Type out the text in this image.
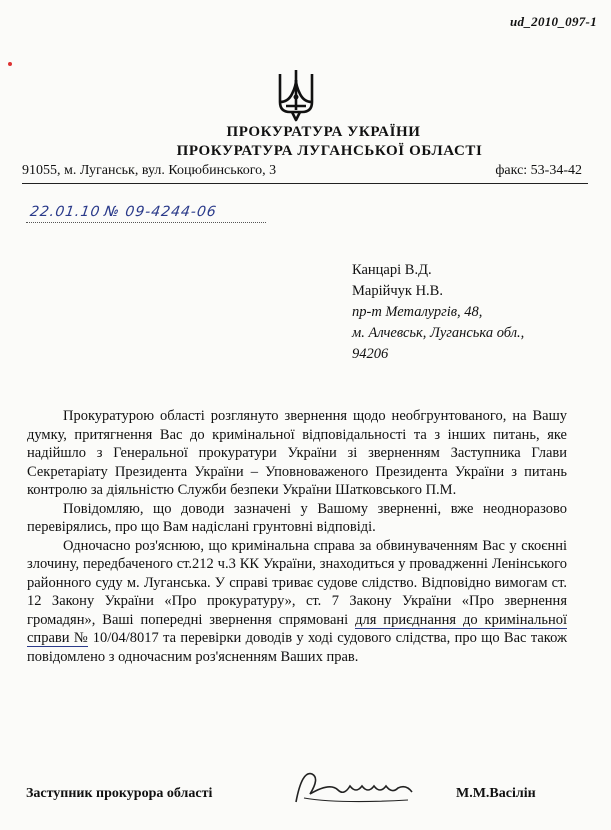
ud_2010_097-1
ПРОКУРАТУРА УКРАЇНИ
ПРОКУРАТУРА ЛУГАНСЬКОЇ ОБЛАСТІ
91055, м. Луганськ, вул. Коцюбинського, 3	факс: 53-34-42
22.01.10 № 09-4244-06
Канцарі В.Д.
Марійчук Н.В.
пр-т Металургів, 48,
м. Алчевськ, Луганська обл.,
94206

Прокуратурою області розглянуто звернення щодо необгрунтованого, на Вашу думку, притягнення Вас до кримінальної відповідальності та з інших питань, яке надійшло з Генеральної прокуратури України зі зверненням Заступника Глави Секретаріату Президента України – Уповноваженого Президента України з питань контролю за діяльністю Служби безпеки України Шатковського П.М.

Повідомляю, що доводи зазначені у Вашому зверненні, вже неодноразово перевірялись, про що Вам надіслані грунтовні відповіді.

Одночасно роз'яснюю, що кримінальна справа за обвинуваченням Вас у скоєнні злочину, передбаченого ст.212 ч.3 КК України, знаходиться у провадженні Ленінського районного суду м. Луганська. У справі триває судове слідство. Відповідно вимогам ст. 12 Закону України «Про прокуратуру», ст. 7 Закону України «Про звернення громадян», Ваші попередні звернення спрямовані для приєднання до кримінальної справи № 10/04/8017 та перевірки доводів у ході судового слідства, про що Вас також повідомлено з одночасним роз'ясненням Ваших прав.

Заступник прокурора області	М.М.Васілін
